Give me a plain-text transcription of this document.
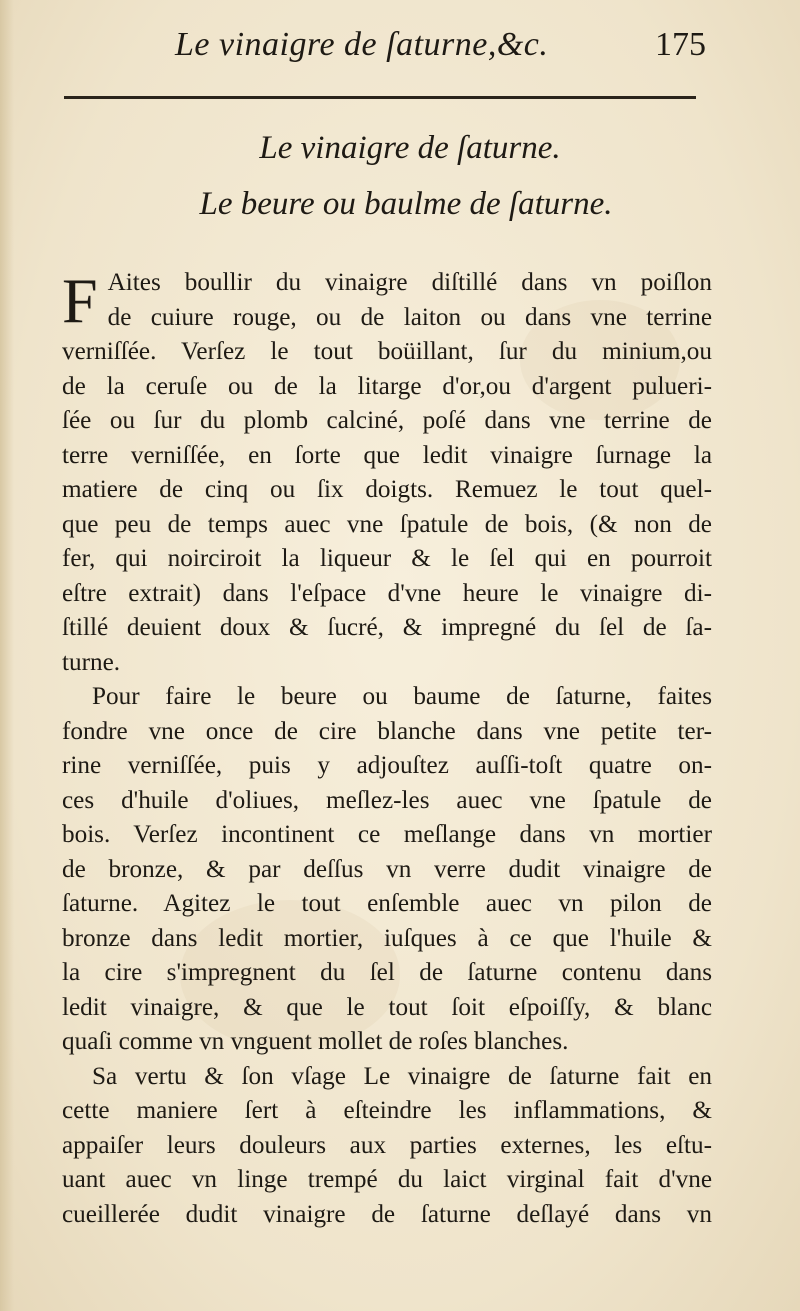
Le vinaigre de ſaturne,&c.	175
Le vinaigre de ſaturne.
Le beure ou baulme de ſaturne.
F Aites boullir du vinaigre diſtillé dans vn poiſlon
de cuiure rouge, ou de laiton ou dans vne terrine
verniſſée. Verſez le tout boüillant, ſur du minium,ou
de la ceruſe ou de la litarge d'or,ou d'argent pulueri-
ſée ou ſur du plomb calciné, poſé dans vne terrine de
terre verniſſée, en ſorte que ledit vinaigre ſurnage la
matiere de cinq ou ſix doigts. Remuez le tout quel-
que peu de temps auec vne ſpatule de bois, (& non de
fer, qui noirciroit la liqueur & le ſel qui en pourroit
eſtre extrait) dans l'eſpace d'vne heure le vinaigre di-
ſtillé deuient doux & ſucré, & impregné du ſel de ſa-
turne.
Pour faire le beure ou baume de ſaturne, faites
fondre vne once de cire blanche dans vne petite ter-
rine verniſſée, puis y adjouſtez auſſi-toſt quatre on-
ces d'huile d'oliues, meſlez-les auec vne ſpatule de
bois. Verſez incontinent ce meſlange dans vn mortier
de bronze, & par deſſus vn verre dudit vinaigre de
ſaturne. Agitez le tout enſemble auec vn pilon de
bronze dans ledit mortier, iuſques à ce que l'huile &
la cire s'impregnent du ſel de ſaturne contenu dans
ledit vinaigre, & que le tout ſoit eſpoiſſy, & blanc
quaſi comme vn vnguent mollet de roſes blanches.
Sa vertu & ſon vſage Le vinaigre de ſaturne fait en
cette maniere ſert à eſteindre les inflammations, &
appaiſer leurs douleurs aux parties externes, les eſtu-
uant auec vn linge trempé du laict virginal fait d'vne
cueillerée dudit vinaigre de ſaturne deſlayé dans vn
